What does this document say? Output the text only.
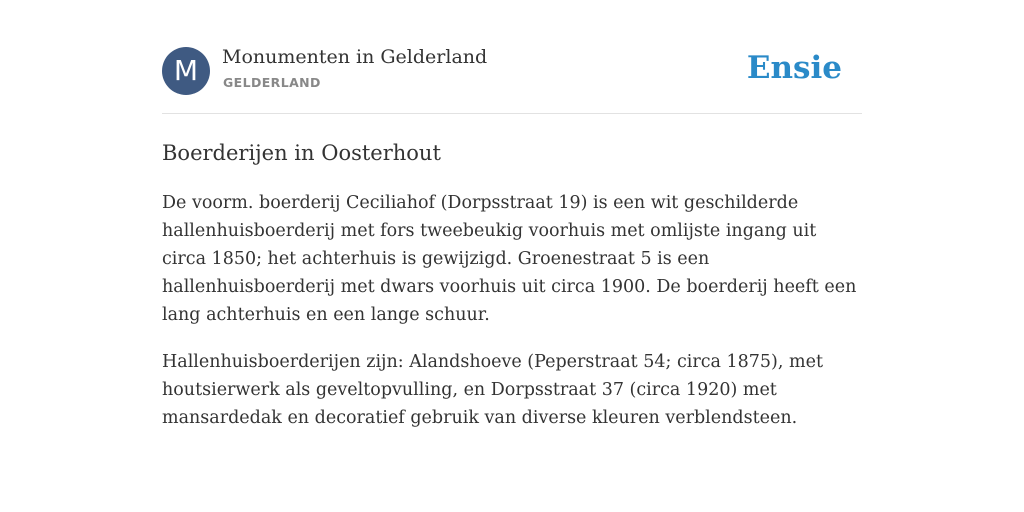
M	Monumenten in Gelderland
GELDERLAND	Ensie
Boerderijen in Oosterhout

De voorm. boerderij Ceciliahof (Dorpsstraat 19) is een wit geschilderde hallenhuisboerderij met fors tweebeukig voorhuis met omlijste ingang uit circa 1850; het achterhuis is gewijzigd. Groenestraat 5 is een hallenhuisboerderij met dwars voorhuis uit circa 1900. De boerderij heeft een lang achterhuis en een lange schuur.

Hallenhuisboerderijen zijn: Alandshoeve (Peperstraat 54; circa 1875), met houtsierwerk als geveltopvulling, en Dorpsstraat 37 (circa 1920) met mansardedak en decoratief gebruik van diverse kleuren verblendsteen.
